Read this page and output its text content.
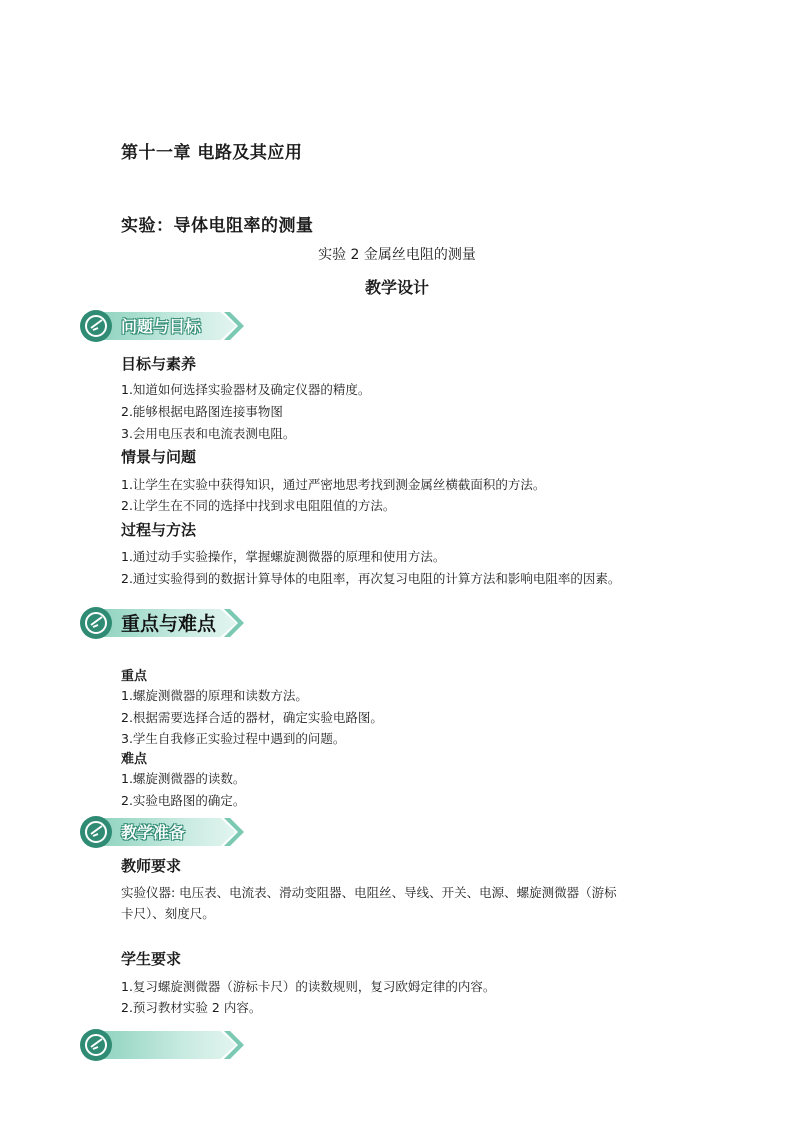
第十一章 电路及其应用
实验：导体电阻率的测量
实验 2 金属丝电阻的测量
教学设计
问题与目标
目标与素养
1.知道如何选择实验器材及确定仪器的精度。
2.能够根据电路图连接事物图
3.会用电压表和电流表测电阻。
情景与问题
1.让学生在实验中获得知识，通过严密地思考找到测金属丝横截面积的方法。
2.让学生在不同的选择中找到求电阻阻值的方法。
过程与方法
1.通过动手实验操作，掌握螺旋测微器的原理和使用方法。
2.通过实验得到的数据计算导体的电阻率，再次复习电阻的计算方法和影响电阻率的因素。
重点与难点
重点
1.螺旋测微器的原理和读数方法。
2.根据需要选择合适的器材，确定实验电路图。
3.学生自我修正实验过程中遇到的问题。
难点
1.螺旋测微器的读数。
2.实验电路图的确定。
教学准备
教师要求
实验仪器: 电压表、电流表、滑动变阻器、电阻丝、导线、开关、电源、螺旋测微器（游标
卡尺）、刻度尺。
学生要求
1.复习螺旋测微器（游标卡尺）的读数规则，复习欧姆定律的内容。
2.预习教材实验 2 内容。
